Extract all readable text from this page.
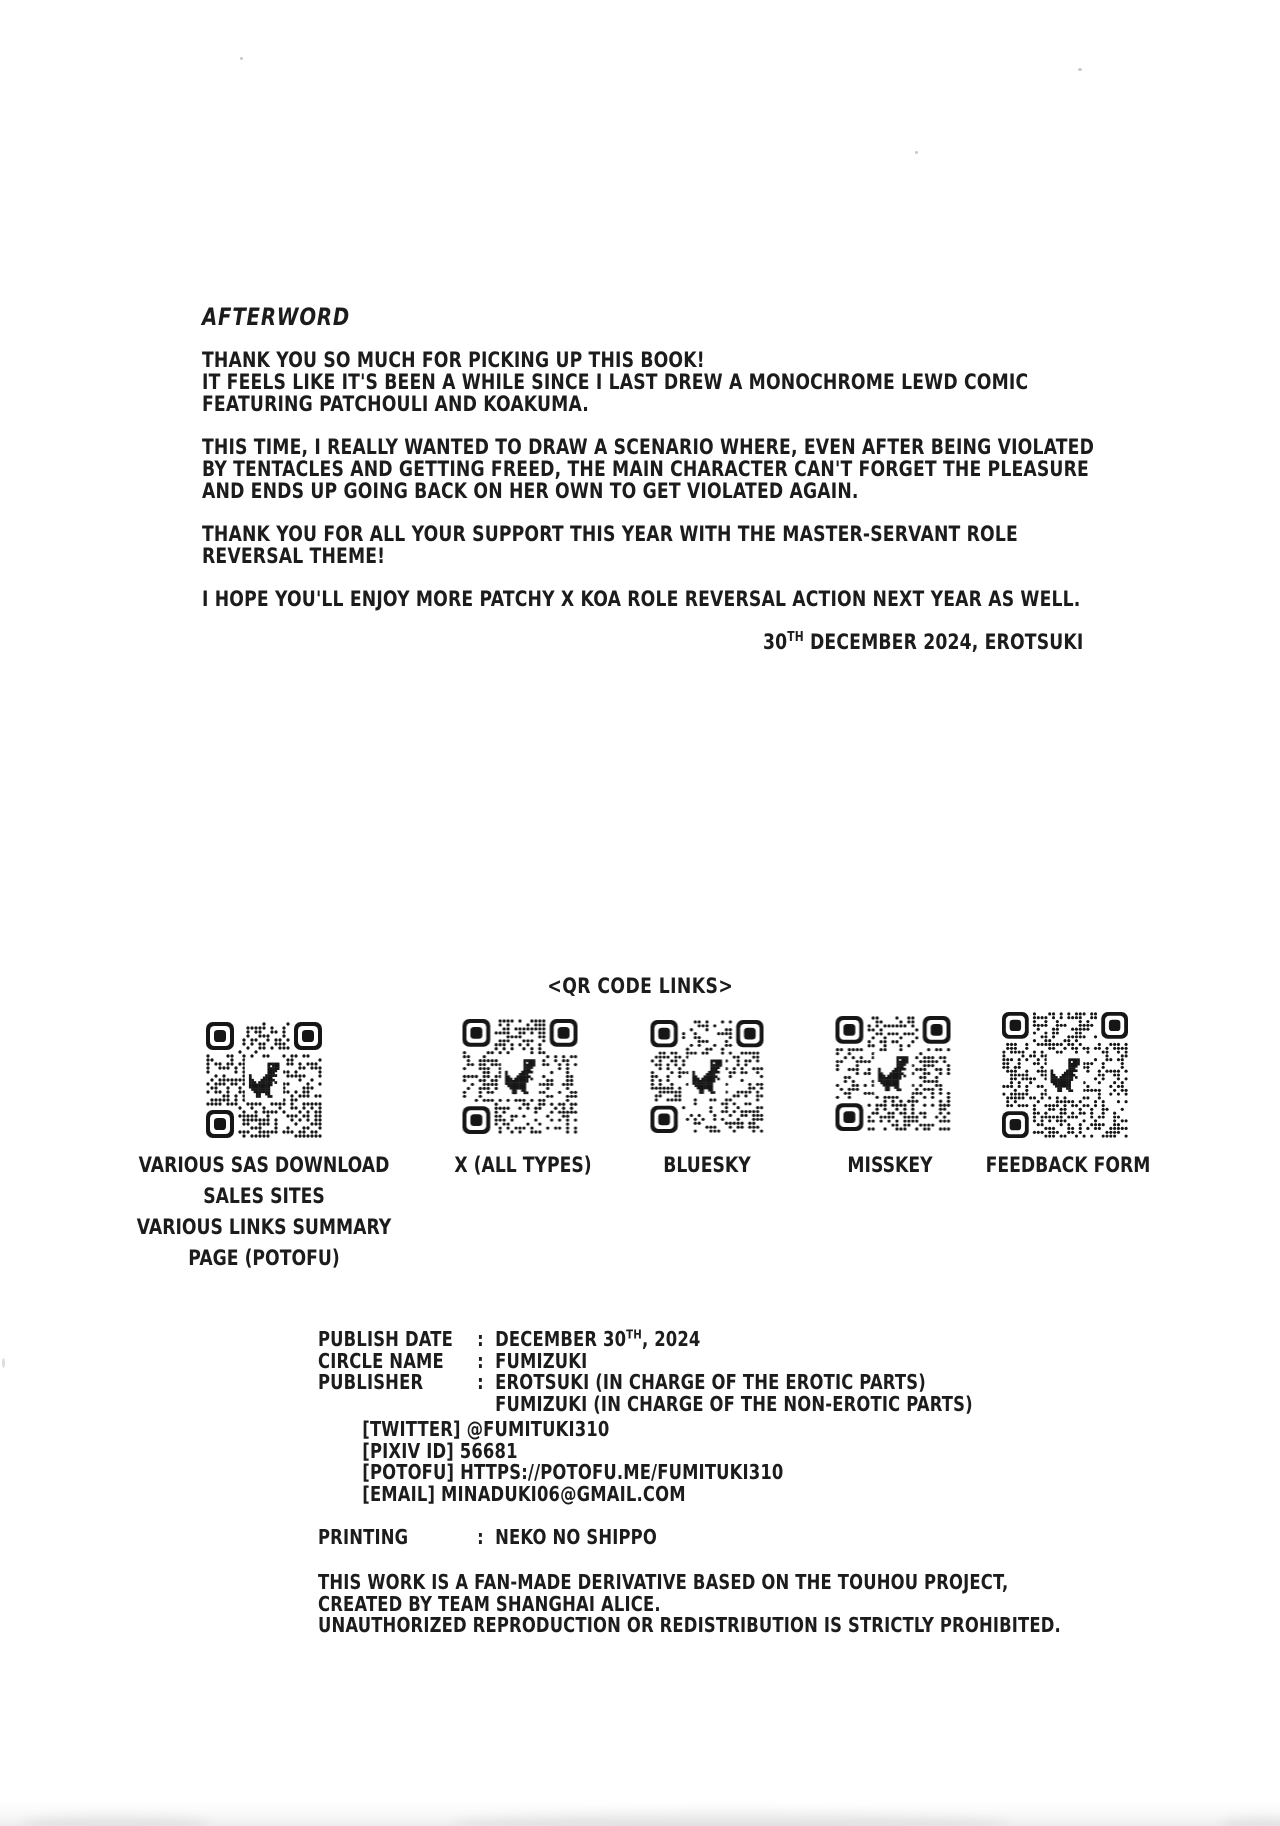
AFTERWORD
THANK YOU SO MUCH FOR PICKING UP THIS BOOK!
IT FEELS LIKE IT'S BEEN A WHILE SINCE I LAST DREW A MONOCHROME LEWD COMIC
FEATURING PATCHOULI AND KOAKUMA.
THIS TIME, I REALLY WANTED TO DRAW A SCENARIO WHERE, EVEN AFTER BEING VIOLATED
BY TENTACLES AND GETTING FREED, THE MAIN CHARACTER CAN'T FORGET THE PLEASURE
AND ENDS UP GOING BACK ON HER OWN TO GET VIOLATED AGAIN.
THANK YOU FOR ALL YOUR SUPPORT THIS YEAR WITH THE MASTER-SERVANT ROLE
REVERSAL THEME!
I HOPE YOU'LL ENJOY MORE PATCHY X KOA ROLE REVERSAL ACTION NEXT YEAR AS WELL.
30TH DECEMBER 2024, EROTSUKI
<QR CODE LINKS>
VARIOUS SAS DOWNLOAD
SALES SITES
VARIOUS LINKS SUMMARY
PAGE (POTOFU)
X (ALL TYPES)	BLUESKY	MISSKEY	FEEDBACK FORM
PUBLISH DATE : DECEMBER 30TH, 2024
CIRCLE NAME : FUMIZUKI
PUBLISHER	: EROTSUKI (IN CHARGE OF THE EROTIC PARTS)
FUMIZUKI (IN CHARGE OF THE NON-EROTIC PARTS)
[TWITTER] @FUMITUKI310
[PIXIV ID] 56681
[POTOFU] HTTPS://POTOFU.ME/FUMITUKI310
[EMAIL] MINADUKI06@GMAIL.COM
PRINTING	: NEKO NO SHIPPO
THIS WORK IS A FAN-MADE DERIVATIVE BASED ON THE TOUHOU PROJECT,
CREATED BY TEAM SHANGHAI ALICE.
UNAUTHORIZED REPRODUCTION OR REDISTRIBUTION IS STRICTLY PROHIBITED.
